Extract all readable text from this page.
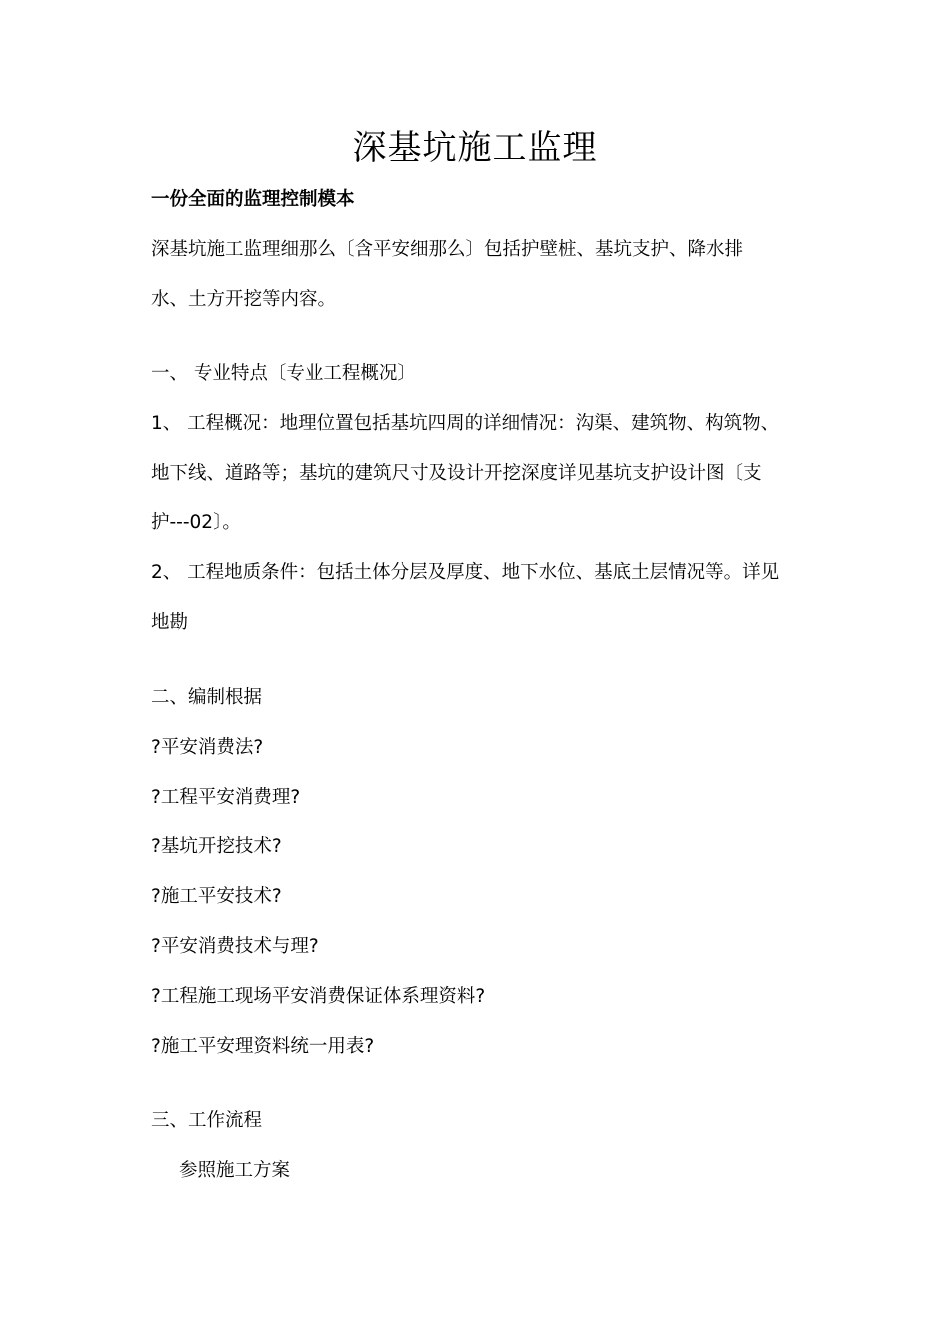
深基坑施工监理
一份全面的监理控制模本
深基坑施工监理细那么〔含平安细那么〕包括护壁桩、基坑支护、降水排
水、土方开挖等内容。
一、 专业特点〔专业工程概况〕
1、 工程概况：地理位置包括基坑四周的详细情况：沟渠、建筑物、构筑物、
地下线、道路等；基坑的建筑尺寸及设计开挖深度详见基坑支护设计图〔支
护---02〕。
2、 工程地质条件：包括土体分层及厚度、地下水位、基底土层情况等。详见
地勘
二、编制根据
?平安消费法?
?工程平安消费理?
?基坑开挖技术?
?施工平安技术?
?平安消费技术与理?
?工程施工现场平安消费保证体系理资料?
?施工平安理资料统一用表?
三、工作流程
参照施工方案
